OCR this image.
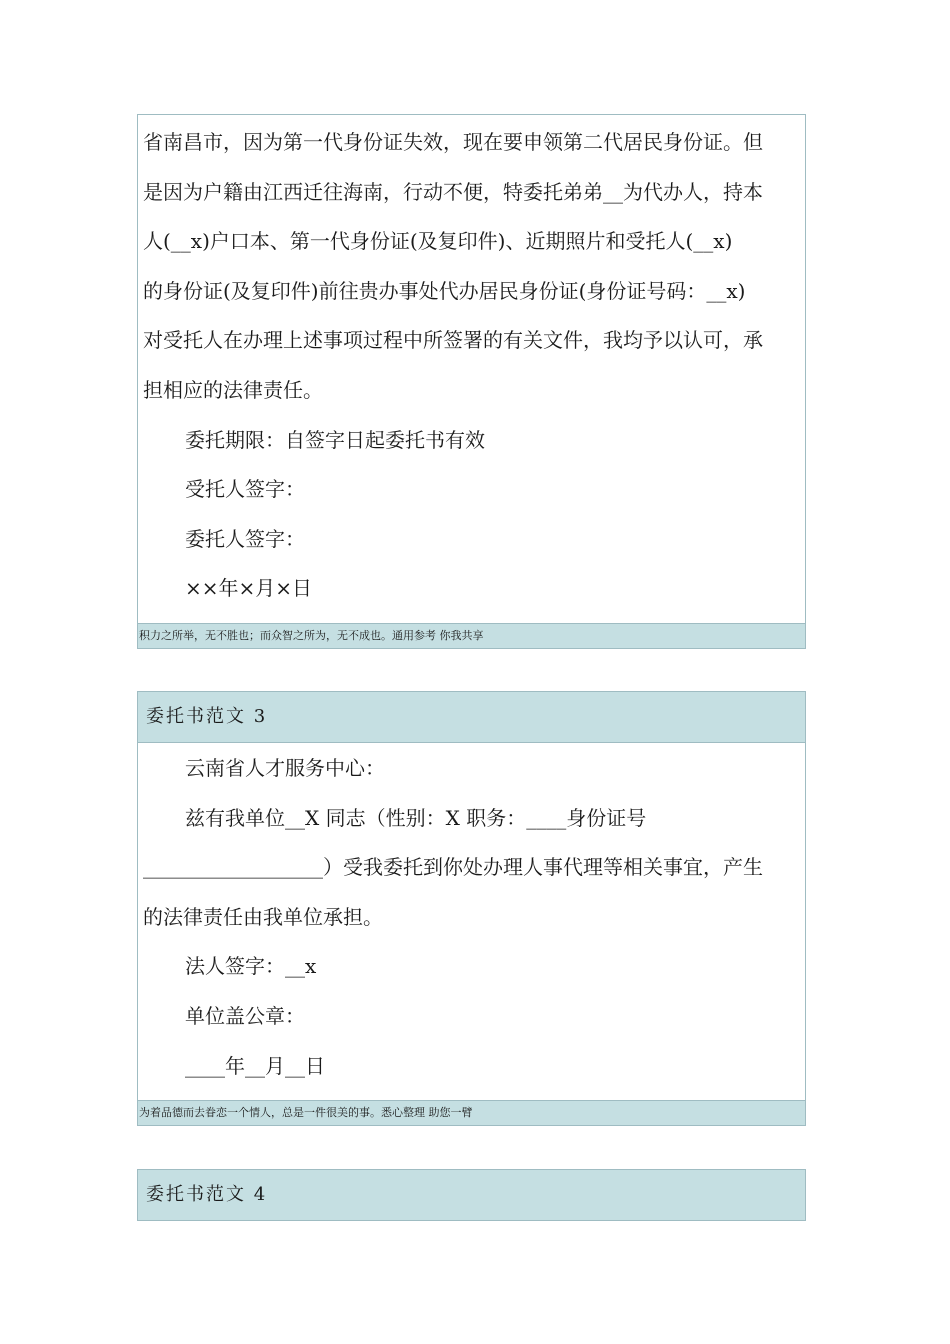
省南昌市，因为第一代身份证失效，现在要申领第二代居民身份证。但

是因为户籍由江西迁往海南，行动不便，特委托弟弟__为代办人，持本

人(__x)户口本、第一代身份证(及复印件)、近期照片和受托人(__x)

的身份证(及复印件)前往贵办事处代办居民身份证(身份证号码：__x)

对受托人在办理上述事项过程中所签署的有关文件，我均予以认可，承

担相应的法律责任。

委托期限：自签字日起委托书有效

受托人签字：

委托人签字：

××年×月×日

积力之所举，无不胜也；而众智之所为，无不成也。通用参考 你我共享
委托书范文 3

云南省人才服务中心：

兹有我单位__X 同志（性别：X 职务：____身份证号

__________________）受我委托到你处办理人事代理等相关事宜，产生

的法律责任由我单位承担。

法人签字：__x

单位盖公章：

____年__月__日

为着品德而去眷恋一个情人，总是一件很美的事。悉心整理 助您一臂
委托书范文 4
